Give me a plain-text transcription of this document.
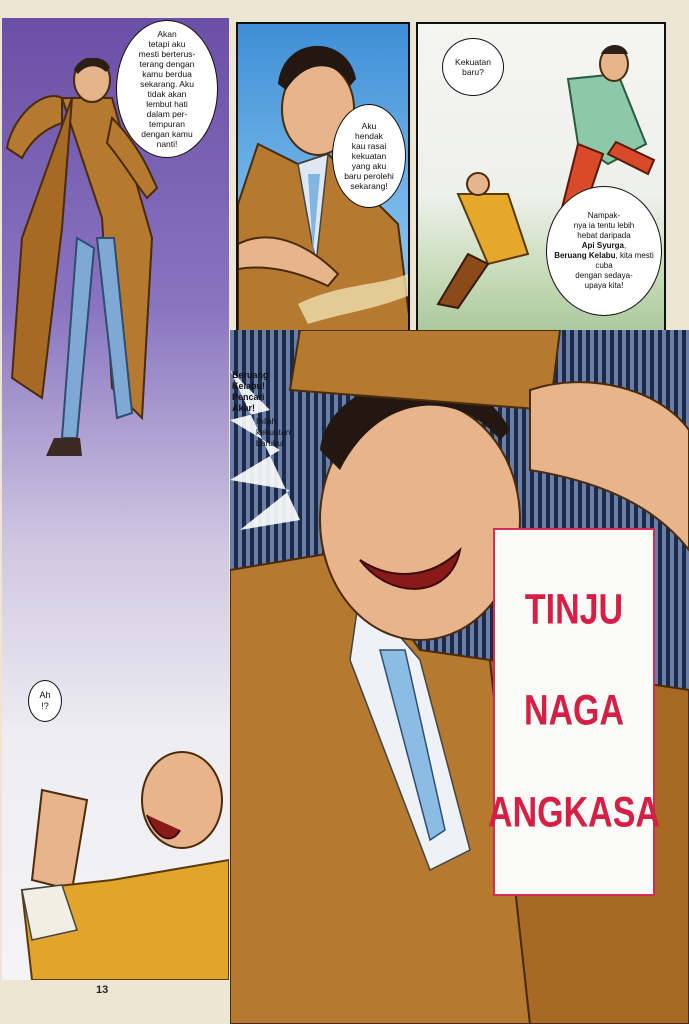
Akan
tetapi aku
mesti berterus-
terang dengan
kamu berdua
sekarang. Aku
tidak akan
lembut hati
dalam per-
tempuran
dengan kamu
nanti!
Aku
hendak
kau rasai
kekuatan
yang aku
baru perolehi
sekarang!
Kekuatan
baru?
Nampak-
nya ia tentu lebih
hebat daripada
Api Syurga,
Beruang Kelabu, kita mesti cuba
dengan sedaya-
upaya kita!
Beruang
Kelabu!
Pencari
Akar!
Inilah
kekuatan
baruku!
TINJU
NAGA
ANGKASA
Ah
!?
13
